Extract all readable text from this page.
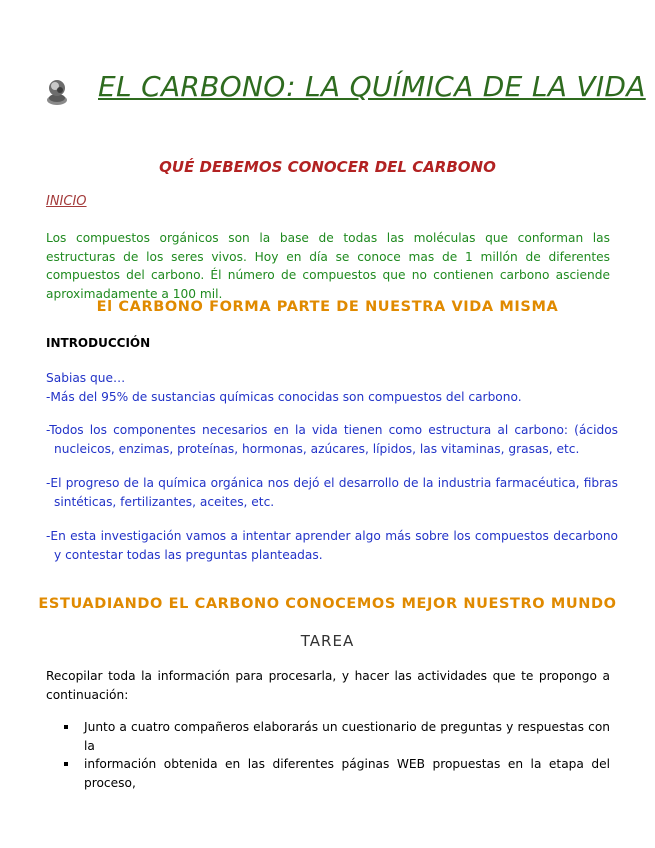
EL CARBONO: LA QUÍMICA DE LA VIDA
QUÉ DEBEMOS CONOCER DEL CARBONO
INICIO
Los compuestos orgánicos son la base de todas las moléculas que conforman las estructuras de los seres vivos. Hoy en día se conoce mas de 1 millón de diferentes compuestos del carbono. Él número de compuestos que no contienen carbono asciende aproximadamente a 100 mil.
El CARBONO FORMA PARTE DE NUESTRA VIDA MISMA
INTRODUCCIÓN
Sabias que…
-Más del 95% de sustancias químicas conocidas son compuestos del carbono.
-Todos los componentes necesarios en la vida tienen como estructura al carbono: (ácidos nucleicos, enzimas, proteínas, hormonas, azúcares, lípidos, las vitaminas, grasas, etc.
-El progreso de la química orgánica nos dejó el desarrollo de la industria farmacéutica, fibras sintéticas, fertilizantes, aceites, etc.
-En esta investigación vamos a intentar aprender algo más sobre los compuestos decarbono y contestar todas las preguntas planteadas.
ESTUADIANDO EL CARBONO CONOCEMOS MEJOR NUESTRO MUNDO
TAREA
Recopilar toda la información para procesarla, y hacer las actividades que te propongo a continuación:
Junto a cuatro compañeros elaborarás un cuestionario de preguntas y respuestas con la
información obtenida en las diferentes páginas WEB propuestas en la etapa del proceso,
